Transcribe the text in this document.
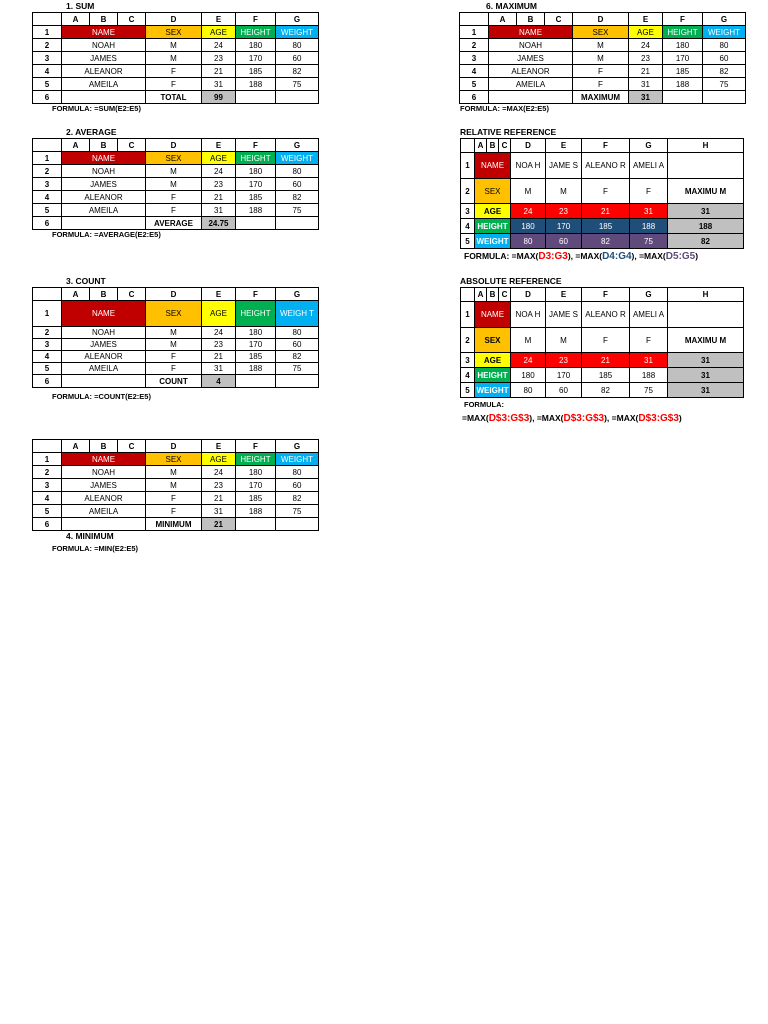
1. SUM
	A	B	C	D	E	F	G
1	NAME			SEX	AGE	HEIGHT	WEIGHT
2	NOAH			M	24	180	80
3	JAMES			M	23	170	60
4	ALEANOR			F	21	185	82
5	AMEILA			F	31	188	75
6				TOTAL	99		
FORMULA: =SUM(E2:E5)
2. AVERAGE
	A	B	C	D	E	F	G
1	NAME			SEX	AGE	HEIGHT	WEIGHT
2	NOAH			M	24	180	80
3	JAMES			M	23	170	60
4	ALEANOR			F	21	185	82
5	AMEILA			F	31	188	75
6				AVERAGE	24.75		
FORMULA: =AVERAGE(E2:E5)
3. COUNT
	A	B	C	D	E	F	G
1	NAME			SEX	AGE	HEIGHT	WEIGH T
2	NOAH			M	24	180	80
3	JAMES			M	23	170	60
4	ALEANOR			F	21	185	82
5	AMEILA			F	31	188	75
6				COUNT	4		
FORMULA: =COUNT(E2:E5)
	A	B	C	D	E	F	G
1	NAME			SEX	AGE	HEIGHT	WEIGHT
2	NOAH			M	24	180	80
3	JAMES			M	23	170	60
4	ALEANOR			F	21	185	82
5	AMEILA			F	31	188	75
6				MINIMUM	21		
4. MINIMUM
FORMULA: =MIN(E2:E5)
6. MAXIMUM
	A	B	C	D	E	F	G
1	NAME			SEX	AGE	HEIGHT	WEIGHT
2	NOAH			M	24	180	80
3	JAMES			M	23	170	60
4	ALEANOR			F	21	185	82
5	AMEILA			F	31	188	75
6				MAXIMUM	31		
FORMULA: =MAX(E2:E5)
RELATIVE REFERENCE
	A	B	C	D	E	F	G	H
1	NAME			NOA H	JAME S	ALEANO R	AMELI A	
2	SEX			M	M	F	F	MAXIMU M
3	AGE			24	23	21	31	31
4	HEIGHT			180	170	185	188	188
5	WEIGHT			80	60	82	75	82
FORMULA: =MAX(D3:G3), =MAX(D4:G4), =MAX(D5:G5)
ABSOLUTE REFERENCE
	A	B	C	D	E	F	G	H
1	NAME			NOA H	JAME S	ALEANO R	AMELI A	
2	SEX			M	M	F	F	MAXIMU M
3	AGE			24	23	21	31	31
4	HEIGHT			180	170	185	188	31
5	WEIGHT			80	60	82	75	31
FORMULA:
=MAX(D$3:G$3), =MAX(D$3:G$3), =MAX(D$3:G$3)
